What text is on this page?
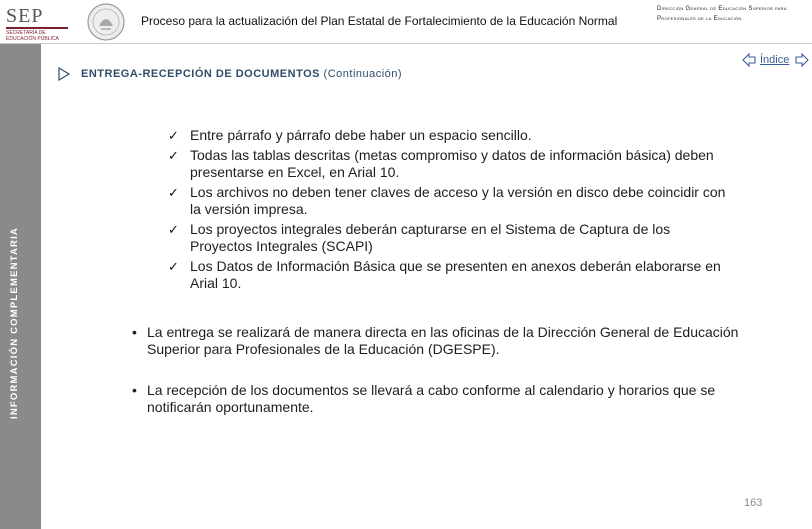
SEP
SECRETARÍA DE EDUCACIÓN PÚBLICA
Proceso para la actualización del Plan Estatal de Fortalecimiento de la Educación Normal
Dirección General de Educación Superior para Profesionales de la Educación
INFORMACIÓN COMPLEMENTARIA
ENTREGA-RECEPCIÓN DE DOCUMENTOS (Continuación)
Índice
✓ Entre párrafo y párrafo debe haber un espacio sencillo.
✓ Todas las tablas descritas (metas compromiso y datos de información básica) deben presentarse en Excel, en Arial 10.
✓ Los archivos no deben tener claves de acceso y la versión en disco debe coincidir con la versión impresa.
✓ Los proyectos integrales deberán capturarse en el Sistema de Captura de los Proyectos Integrales (SCAPI)
✓ Los Datos de Información Básica que se presenten en anexos deberán elaborarse en Arial 10.
• La entrega se realizará de manera directa en las oficinas de la Dirección General de Educación Superior para Profesionales de la Educación (DGESPE).
• La recepción de los documentos se llevará a cabo conforme al calendario y horarios que se notificarán oportunamente.
163
